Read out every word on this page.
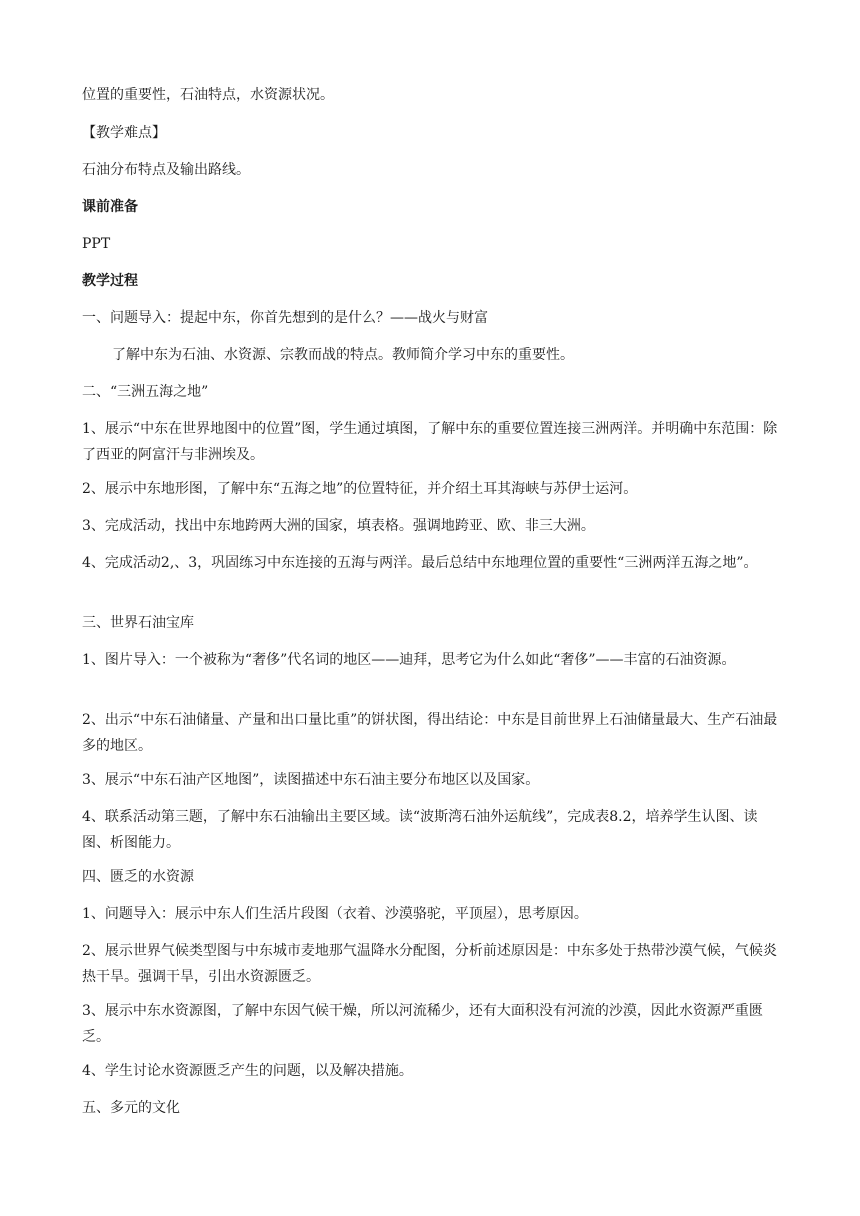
位置的重要性，石油特点，水资源状况。

【教学难点】

石油分布特点及输出路线。

课前准备

PPT

教学过程

一、问题导入：提起中东，你首先想到的是什么？——战火与财富

了解中东为石油、水资源、宗教而战的特点。教师简介学习中东的重要性。

二、“三洲五海之地”

1、展示“中东在世界地图中的位置”图，学生通过填图，了解中东的重要位置连接三洲两洋。并明确中东范围：除了西亚的阿富汗与非洲埃及。

2、展示中东地形图，了解中东“五海之地”的位置特征，并介绍土耳其海峡与苏伊士运河。

3、完成活动，找出中东地跨两大洲的国家，填表格。强调地跨亚、欧、非三大洲。

4、完成活动2,、3，巩固练习中东连接的五海与两洋。最后总结中东地理位置的重要性“三洲两洋五海之地”。

三、世界石油宝库

1、图片导入：一个被称为“奢侈”代名词的地区——迪拜，思考它为什么如此“奢侈”——丰富的石油资源。

2、出示“中东石油储量、产量和出口量比重”的饼状图，得出结论：中东是目前世界上石油储量最大、生产石油最多的地区。

3、展示“中东石油产区地图”，读图描述中东石油主要分布地区以及国家。

4、联系活动第三题，了解中东石油输出主要区域。读“波斯湾石油外运航线”，完成表8.2，培养学生认图、读图、析图能力。

四、匮乏的水资源

1、问题导入：展示中东人们生活片段图（衣着、沙漠骆驼，平顶屋），思考原因。

2、展示世界气候类型图与中东城市麦地那气温降水分配图，分析前述原因是：中东多处于热带沙漠气候，气候炎热干旱。强调干旱，引出水资源匮乏。

3、展示中东水资源图，了解中东因气候干燥，所以河流稀少，还有大面积没有河流的沙漠，因此水资源严重匮乏。

4、学生讨论水资源匮乏产生的问题，以及解决措施。

五、多元的文化
